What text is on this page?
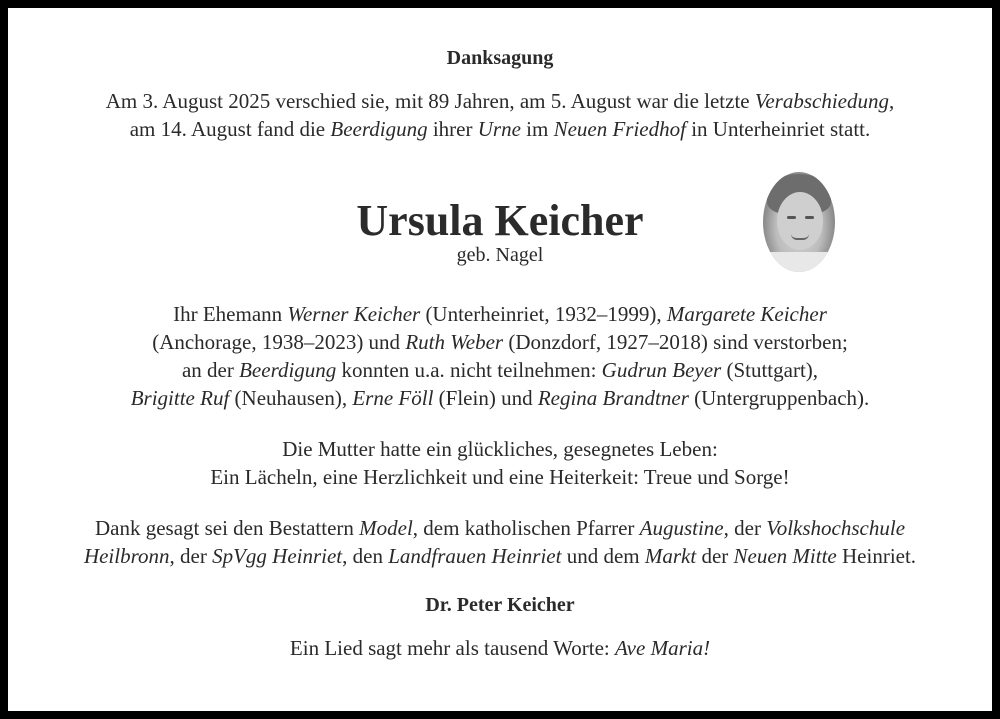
Danksagung
Am 3. August 2025 verschied sie, mit 89 Jahren, am 5. August war die letzte Verabschiedung,
am 14. August fand die Beerdigung ihrer Urne im Neuen Friedhof in Unterheinriet statt.
Ursula Keicher
geb. Nagel
Ihr Ehemann Werner Keicher (Unterheinriet, 1932–1999), Margarete Keicher
(Anchorage, 1938–2023) und Ruth Weber (Donzdorf, 1927–2018) sind verstorben;
an der Beerdigung konnten u.a. nicht teilnehmen: Gudrun Beyer (Stuttgart),
Brigitte Ruf (Neuhausen), Erne Föll (Flein) und Regina Brandtner (Untergruppenbach).
Die Mutter hatte ein glückliches, gesegnetes Leben:
Ein Lächeln, eine Herzlichkeit und eine Heiterkeit: Treue und Sorge!
Dank gesagt sei den Bestattern Model, dem katholischen Pfarrer Augustine, der Volkshochschule
Heilbronn, der SpVgg Heinriet, den Landfrauen Heinriet und dem Markt der Neuen Mitte Heinriet.
Dr. Peter Keicher
Ein Lied sagt mehr als tausend Worte: Ave Maria!
